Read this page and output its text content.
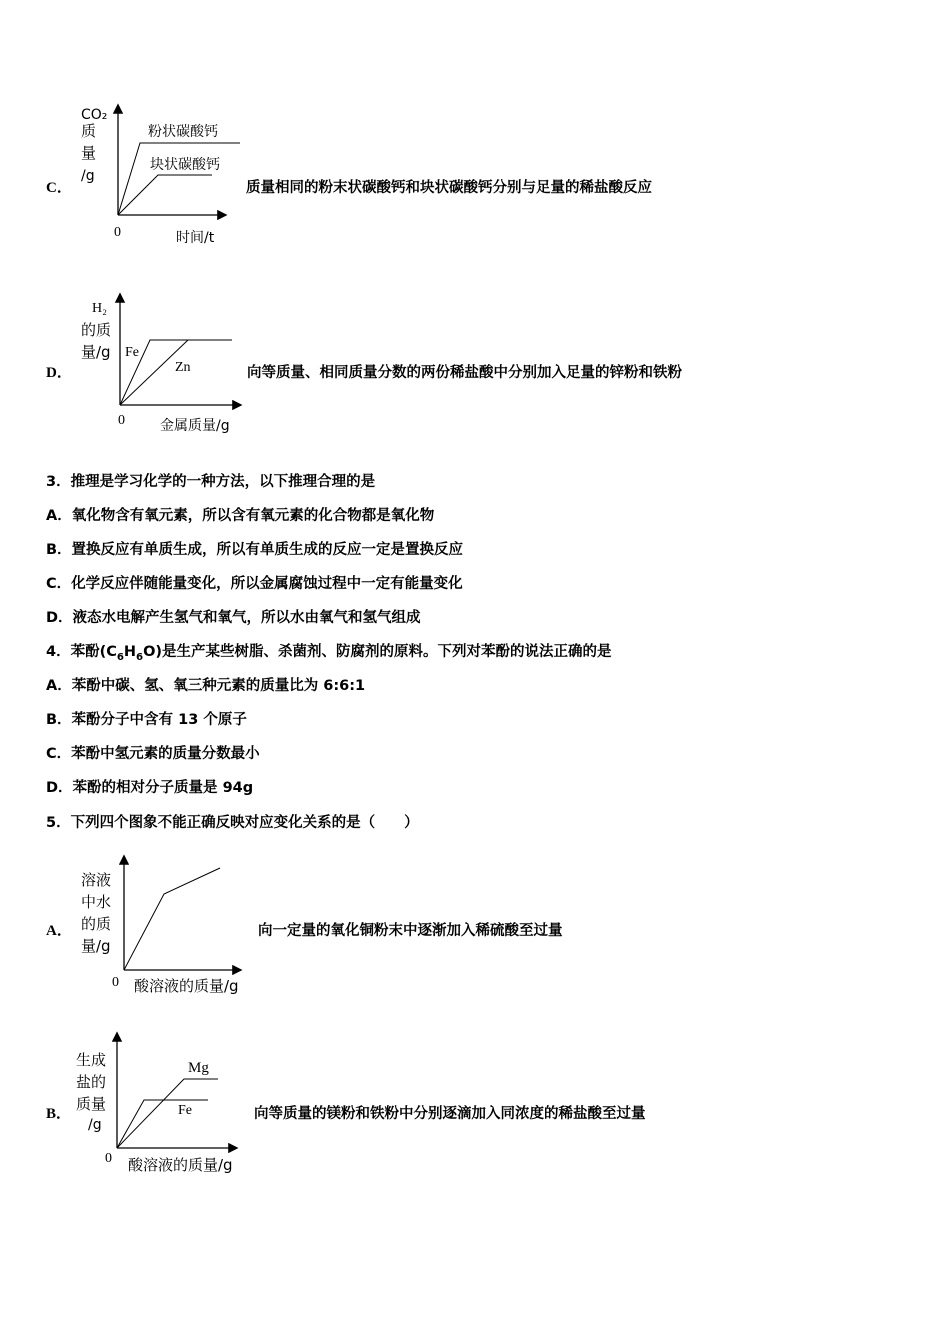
C．
CO₂
质
量
/g
0	时间/t
粉状碳酸钙
块状碳酸钙
质量相同的粉末状碳酸钙和块状碳酸钙分别与足量的稀盐酸反应
D．
H₂
的质
量/g
0	金属质量/g
Fe
Zn	向等质量、相同质量分数的两份稀盐酸中分别加入足量的锌粉和铁粉
3．推理是学习化学的一种方法，以下推理合理的是
A．氧化物含有氧元素，所以含有氧元素的化合物都是氧化物
B．置换反应有单质生成，所以有单质生成的反应一定是置换反应
C．化学反应伴随能量变化，所以金属腐蚀过程中一定有能量变化
D．液态水电解产生氢气和氧气，所以水由氧气和氢气组成
4．苯酚$(C_6H_6O)$是生产某些树脂、杀菌剂、防腐剂的原料。下列对苯酚的说法正确的是
A．苯酚中碳、氢、氧三种元素的质量比为 6:6:1
B．苯酚分子中含有 13 个原子
C．苯酚中氢元素的质量分数最小
D．苯酚的相对分子质量是 94g
5．下列四个图象不能正确反映对应变化关系的是（　　）
A．
溶液
中水
的质
量/g
0 酸溶液的质量/g
向一定量的氧化铜粉末中逐渐加入稀硫酸至过量
B．
生成
盐的
质量
/g
0 酸溶液的质量/g
Mg
Fe	向等质量的镁粉和铁粉中分别逐滴加入同浓度的稀盐酸至过量
